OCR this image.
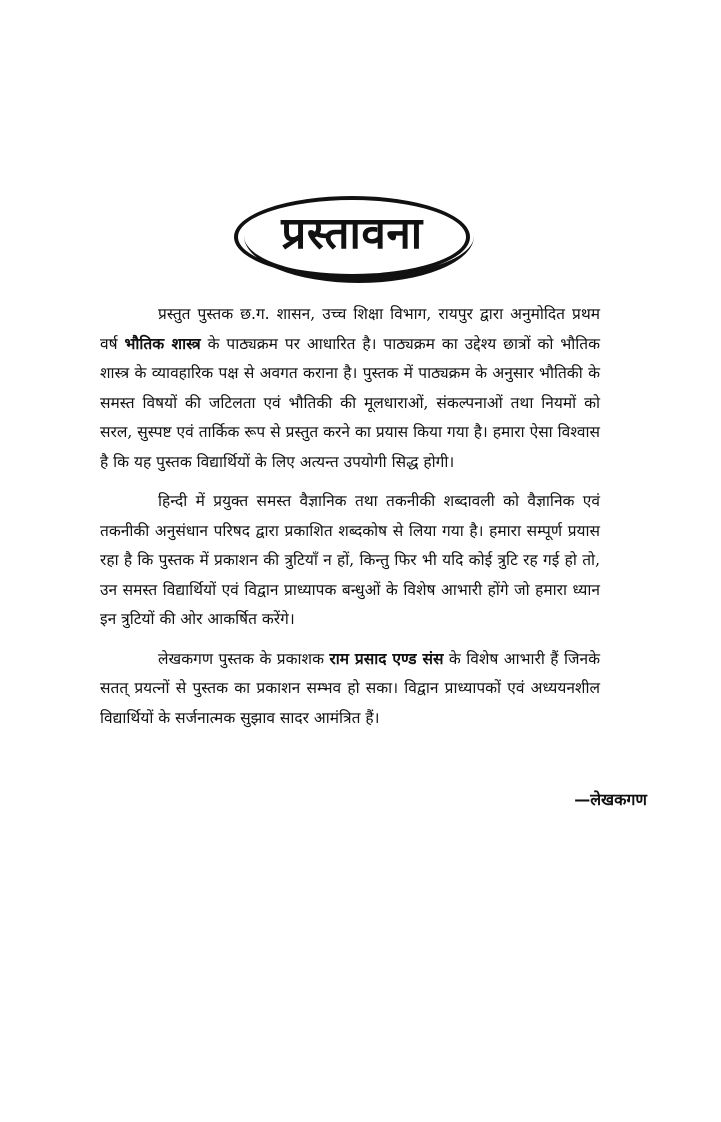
प्रस्तावना

प्रस्तुत पुस्तक छ.ग. शासन, उच्च शिक्षा विभाग, रायपुर द्वारा अनुमोदित प्रथम वर्ष भौतिक शास्त्र के पाठ्यक्रम पर आधारित है। पाठ्यक्रम का उद्देश्य छात्रों को भौतिक शास्त्र के व्यावहारिक पक्ष से अवगत कराना है। पुस्तक में पाठ्यक्रम के अनुसार भौतिकी के समस्त विषयों की जटिलता एवं भौतिकी की मूलधाराओं, संकल्पनाओं तथा नियमों को सरल, सुस्पष्ट एवं तार्किक रूप से प्रस्तुत करने का प्रयास किया गया है। हमारा ऐसा विश्वास है कि यह पुस्तक विद्यार्थियों के लिए अत्यन्त उपयोगी सिद्ध होगी।

हिन्दी में प्रयुक्त समस्त वैज्ञानिक तथा तकनीकी शब्दावली को वैज्ञानिक एवं तकनीकी अनुसंधान परिषद द्वारा प्रकाशित शब्दकोष से लिया गया है। हमारा सम्पूर्ण प्रयास रहा है कि पुस्तक में प्रकाशन की त्रुटियाँ न हों, किन्तु फिर भी यदि कोई त्रुटि रह गई हो तो, उन समस्त विद्यार्थियों एवं विद्वान प्राध्यापक बन्धुओं के विशेष आभारी होंगे जो हमारा ध्यान इन त्रुटियों की ओर आकर्षित करेंगे।

लेखकगण पुस्तक के प्रकाशक राम प्रसाद एण्ड संस के विशेष आभारी हैं जिनके सतत् प्रयत्नों से पुस्तक का प्रकाशन सम्भव हो सका। विद्वान प्राध्यापकों एवं अध्ययनशील विद्यार्थियों के सर्जनात्मक सुझाव सादर आमंत्रित हैं।

—लेखकगण
